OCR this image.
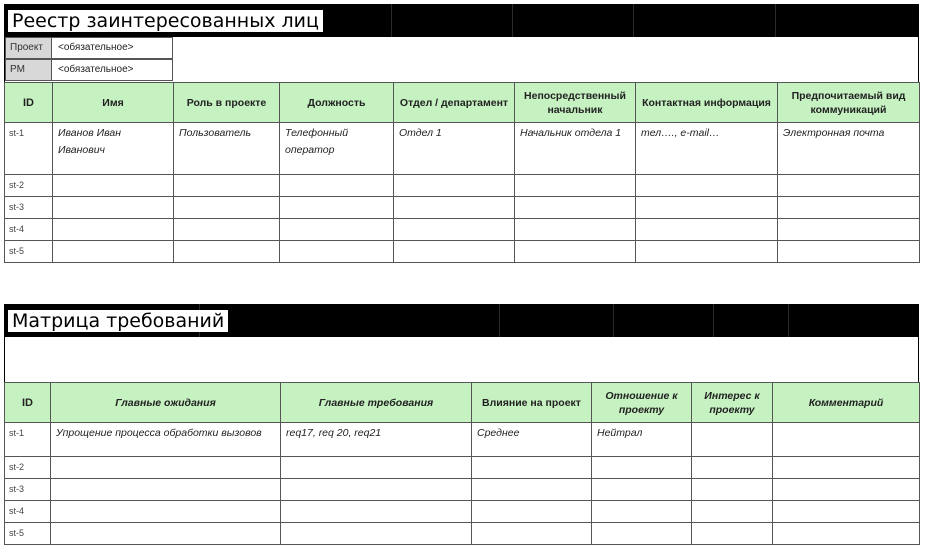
Реестр заинтересованных лиц
Проект	<обязательное>
PM	<обязательное>
ID	Имя	Роль в проекте	Должность	Отдел / департамент	Непосредственный начальник	Контактная информация	Предпочитаемый вид коммуникаций
st-1	Иванов Иван Иванович	Пользователь	Телефонный оператор	Отдел 1	Начальник отдела 1	тел…., e-mail…	Электронная почта
st-2							
st-3							
st-4							
st-5							
Матрица требований
ID	Главные ожидания	Главные требования	Влияние на проект	Отношение к проекту	Интерес к проекту	Комментарий
st-1	Упрощение процесса обработки вызовов	req17, req 20, req21	Среднее	Нейтрал		
st-2						
st-3						
st-4						
st-5						
